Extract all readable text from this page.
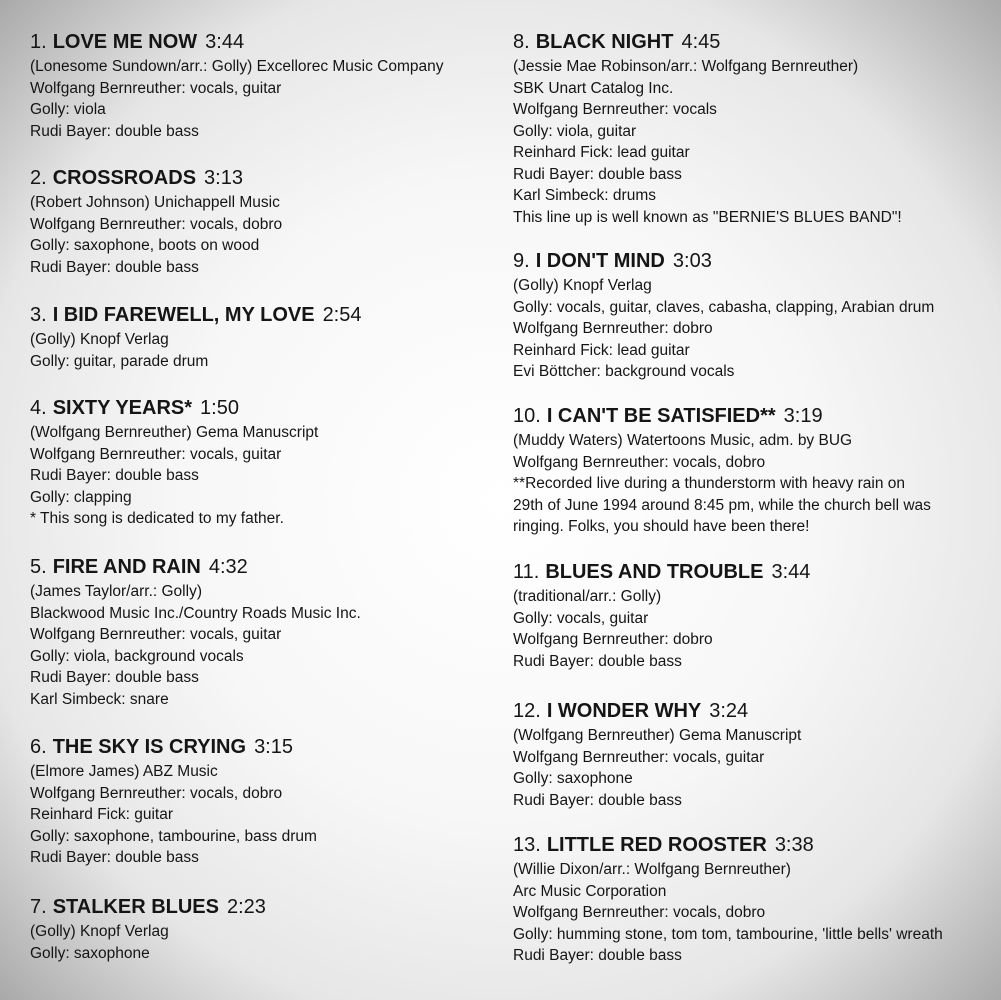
1. LOVE ME NOW 3:44
(Lonesome Sundown/arr.: Golly) Excellorec Music Company
Wolfgang Bernreuther: vocals, guitar
Golly: viola
Rudi Bayer: double bass
2. CROSSROADS 3:13
(Robert Johnson) Unichappell Music
Wolfgang Bernreuther: vocals, dobro
Golly: saxophone, boots on wood
Rudi Bayer: double bass
3. I BID FAREWELL, MY LOVE 2:54
(Golly) Knopf Verlag
Golly: guitar, parade drum
4. SIXTY YEARS* 1:50
(Wolfgang Bernreuther) Gema Manuscript
Wolfgang Bernreuther: vocals, guitar
Rudi Bayer: double bass
Golly: clapping
* This song is dedicated to my father.
5. FIRE AND RAIN 4:32
(James Taylor/arr.: Golly)
Blackwood Music Inc./Country Roads Music Inc.
Wolfgang Bernreuther: vocals, guitar
Golly: viola, background vocals
Rudi Bayer: double bass
Karl Simbeck: snare
6. THE SKY IS CRYING 3:15
(Elmore James) ABZ Music
Wolfgang Bernreuther: vocals, dobro
Reinhard Fick: guitar
Golly: saxophone, tambourine, bass drum
Rudi Bayer: double bass
7. STALKER BLUES 2:23
(Golly) Knopf Verlag
Golly: saxophone
8. BLACK NIGHT 4:45
(Jessie Mae Robinson/arr.: Wolfgang Bernreuther)
SBK Unart Catalog Inc.
Wolfgang Bernreuther: vocals
Golly: viola, guitar
Reinhard Fick: lead guitar
Rudi Bayer: double bass
Karl Simbeck: drums
This line up is well known as "BERNIE'S BLUES BAND"!
9. I DON'T MIND 3:03
(Golly) Knopf Verlag
Golly: vocals, guitar, claves, cabasha, clapping, Arabian drum
Wolfgang Bernreuther: dobro
Reinhard Fick: lead guitar
Evi Böttcher: background vocals
10. I CAN'T BE SATISFIED** 3:19
(Muddy Waters) Watertoons Music, adm. by BUG
Wolfgang Bernreuther: vocals, dobro
**Recorded live during a thunderstorm with heavy rain on
29th of June 1994 around 8:45 pm, while the church bell was
ringing. Folks, you should have been there!
11. BLUES AND TROUBLE 3:44
(traditional/arr.: Golly)
Golly: vocals, guitar
Wolfgang Bernreuther: dobro
Rudi Bayer: double bass
12. I WONDER WHY 3:24
(Wolfgang Bernreuther) Gema Manuscript
Wolfgang Bernreuther: vocals, guitar
Golly: saxophone
Rudi Bayer: double bass
13. LITTLE RED ROOSTER 3:38
(Willie Dixon/arr.: Wolfgang Bernreuther)
Arc Music Corporation
Wolfgang Bernreuther: vocals, dobro
Golly: humming stone, tom tom, tambourine, 'little bells' wreath
Rudi Bayer: double bass
